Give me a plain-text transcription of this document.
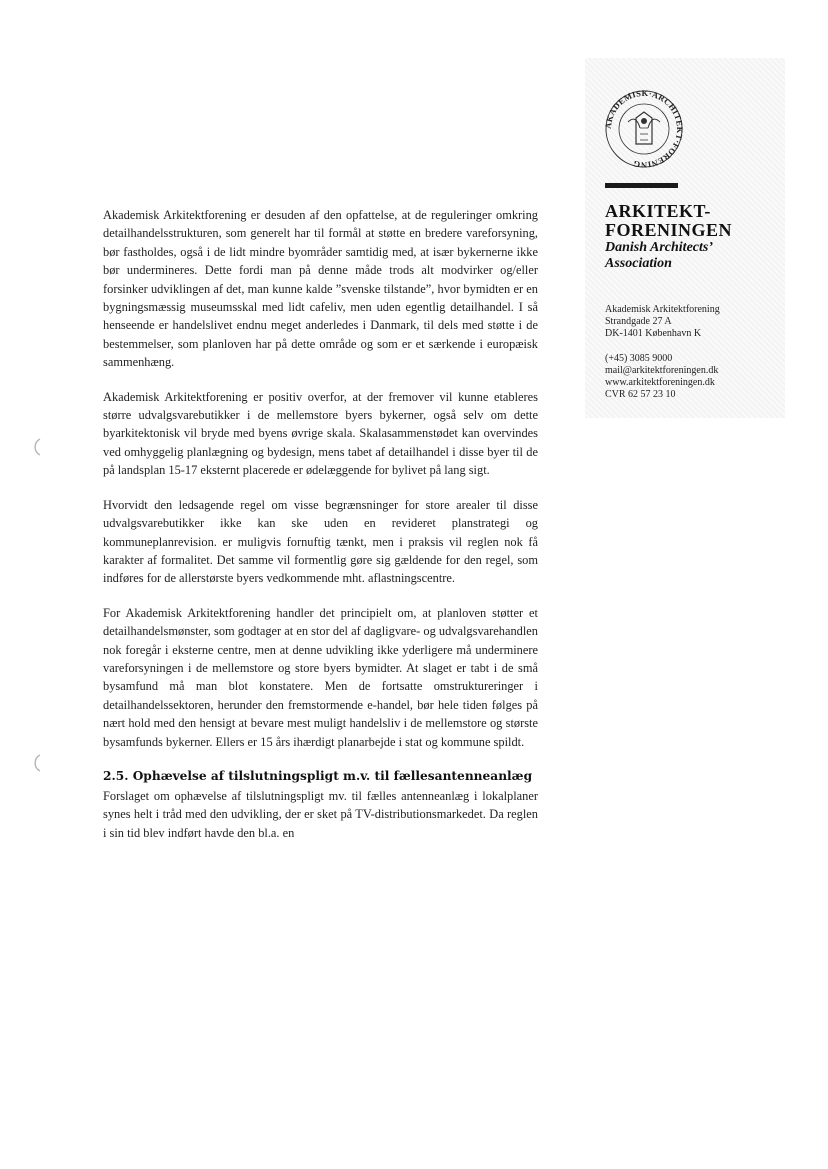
AKADEMISK·ARCHITEKT·FORENING
ARKITEKT-
FORENINGEN
Danish Architects’
Association
Akademisk Arkitektforening
Strandgade 27 A
DK-1401 København K
(+45) 3085 9000
mail@arkitektforeningen.dk
www.arkitektforeningen.dk
CVR 62 57 23 10

Akademisk Arkitektforening er desuden af den opfattelse, at de reguleringer omkring detailhandelsstrukturen, som generelt har til formål at støtte en bredere vareforsyning, bør fastholdes, også i de lidt mindre byområder samtidig med, at især bykernerne ikke bør undermineres. Dette fordi man på denne måde trods alt modvirker og/eller forsinker udviklingen af det, man kunne kalde ”svenske tilstande”, hvor bymidten er en bygningsmæssig museumsskal med lidt cafeliv, men uden egentlig detailhandel. I så henseende er handelslivet endnu meget anderledes i Danmark, til dels med støtte i de bestemmelser, som planloven har på dette område og som er et særkende i europæisk sammenhæng.

Akademisk Arkitektforening er positiv overfor, at der fremover vil kunne etableres større udvalgsvarebutikker i de mellemstore byers bykerner, også selv om dette byarkitektonisk vil bryde med byens øvrige skala. Skalasammenstødet kan overvindes ved omhyggelig planlægning og bydesign, mens tabet af detailhandel i disse byer til de på landsplan 15-17 eksternt placerede er ødelæggende for bylivet på lang sigt.

Hvorvidt den ledsagende regel om visse begrænsninger for store arealer til disse udvalgsvarebutikker ikke kan ske uden en revideret planstrategi og kommuneplanrevision. er muligvis fornuftig tænkt, men i praksis vil reglen nok få karakter af formalitet. Det samme vil formentlig gøre sig gældende for den regel, som indføres for de allerstørste byers vedkommende mht. aflastningscentre.

For Akademisk Arkitektforening handler det principielt om, at planloven støtter et detailhandelsmønster, som godtager at en stor del af dagligvare- og udvalgsvarehandlen nok foregår i eksterne centre, men at denne udvikling ikke yderligere må underminere vareforsyningen i de mellemstore og store byers bymidter. At slaget er tabt i de små bysamfund må man blot konstatere. Men de fortsatte omstruktureringer i detailhandelssektoren, herunder den fremstormende e-handel, bør hele tiden følges på nært hold med den hensigt at bevare mest muligt handelsliv i de mellemstore og største bysamfunds bykerner. Ellers er 15 års ihærdigt planarbejde i stat og kommune spildt.

2.5. Ophævelse af tilslutningspligt m.v. til fællesantenneanlæg

Forslaget om ophævelse af tilslutningspligt mv. til fælles antenneanlæg i lokalplaner synes helt i tråd med den udvikling, der er sket på TV-distributionsmarkedet. Da reglen i sin tid blev indført havde den bl.a. en
